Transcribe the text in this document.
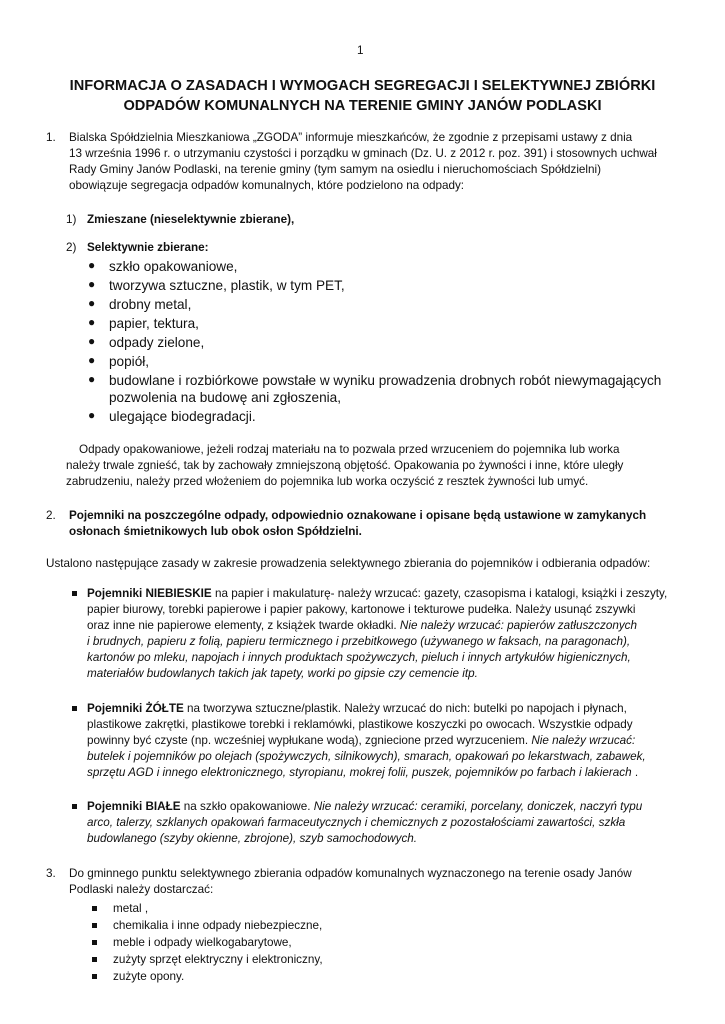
1
INFORMACJA O ZASADACH I WYMOGACH SEGREGACJI I SELEKTYWNEJ ZBIÓRKI
ODPADÓW KOMUNALNYCH NA TERENIE GMINY JANÓW PODLASKI
1. Bialska Spółdzielnia Mieszkaniowa „ZGODA” informuje mieszkańców, że zgodnie z przepisami ustawy z dnia
13 września 1996 r. o utrzymaniu czystości i porządku w gminach (Dz. U. z 2012 r. poz. 391) i stosownych uchwał
Rady Gminy Janów Podlaski, na terenie gminy (tym samym na osiedlu i nieruchomościach Spółdzielni)
obowiązuje segregacja odpadów komunalnych, które podzielono na odpady:
1) Zmieszane (nieselektywnie zbierane),
2) Selektywnie zbierane:
● szkło opakowaniowe,
● tworzywa sztuczne, plastik, w tym PET,
● drobny metal,
● papier, tektura,
● odpady zielone,
● popiół,
● budowlane i rozbiórkowe powstałe w wyniku prowadzenia drobnych robót niewymagających
pozwolenia na budowę ani zgłoszenia,
● ulegające biodegradacji.
Odpady opakowaniowe, jeżeli rodzaj materiału na to pozwala przed wrzuceniem do pojemnika lub worka
należy trwale zgnieść, tak by zachowały zmniejszoną objętość. Opakowania po żywności i inne, które uległy
zabrudzeniu, należy przed włożeniem do pojemnika lub worka oczyścić z resztek żywności lub umyć.
2. Pojemniki na poszczególne odpady, odpowiednio oznakowane i opisane będą ustawione w zamykanych
osłonach śmietnikowych lub obok osłon Spółdzielni.
Ustalono następujące zasady w zakresie prowadzenia selektywnego zbierania do pojemników i odbierania odpadów:
Pojemniki NIEBIESKIE na papier i makulaturę- należy wrzucać: gazety, czasopisma i katalogi, książki i zeszyty,
papier biurowy, torebki papierowe i papier pakowy, kartonowe i tekturowe pudełka. Należy usunąć zszywki
oraz inne nie papierowe elementy, z książek twarde okładki. Nie należy wrzucać: papierów zatłuszczonych
i brudnych, papieru z folią, papieru termicznego i przebitkowego (używanego w faksach, na paragonach),
kartonów po mleku, napojach i innych produktach spożywczych, pieluch i innych artykułów higienicznych,
materiałów budowlanych takich jak tapety, worki po gipsie czy cemencie itp.
Pojemniki ŻÓŁTE na tworzywa sztuczne/plastik. Należy wrzucać do nich: butelki po napojach i płynach,
plastikowe zakrętki, plastikowe torebki i reklamówki, plastikowe koszyczki po owocach. Wszystkie odpady
powinny być czyste (np. wcześniej wypłukane wodą), zgniecione przed wyrzuceniem. Nie należy wrzucać:
butelek i pojemników po olejach (spożywczych, silnikowych), smarach, opakowań po lekarstwach, zabawek,
sprzętu AGD i innego elektronicznego, styropianu, mokrej folii, puszek, pojemników po farbach i lakierach .
Pojemniki BIAŁE na szkło opakowaniowe. Nie należy wrzucać: ceramiki, porcelany, doniczek, naczyń typu
arco, talerzy, szklanych opakowań farmaceutycznych i chemicznych z pozostałościami zawartości, szkła
budowlanego (szyby okienne, zbrojone), szyb samochodowych.
3. Do gminnego punktu selektywnego zbierania odpadów komunalnych wyznaczonego na terenie osady Janów
Podlaski należy dostarczać:
metal ,
chemikalia i inne odpady niebezpieczne,
meble i odpady wielkogabarytowe,
zużyty sprzęt elektryczny i elektroniczny,
zużyte opony.
